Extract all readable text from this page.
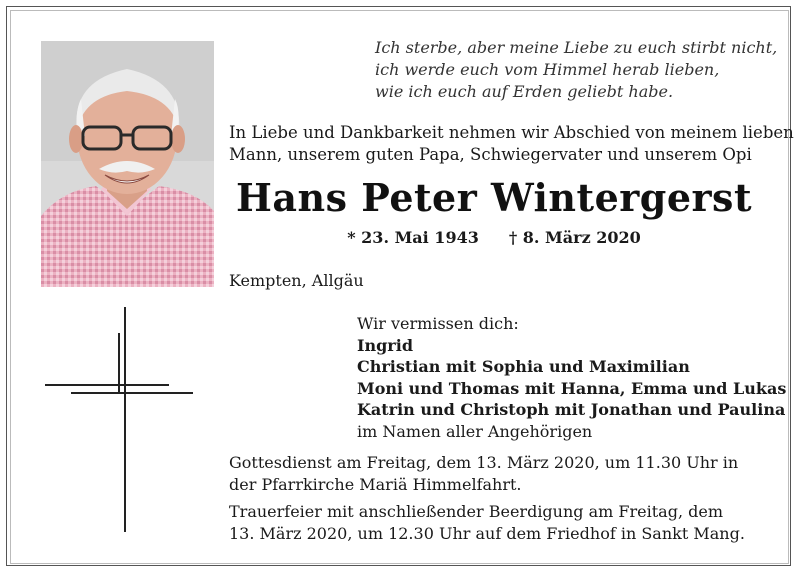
Ich sterbe, aber meine Liebe zu euch stirbt nicht,
ich werde euch vom Himmel herab lieben,
wie ich euch auf Erden geliebt habe.
In Liebe und Dankbarkeit nehmen wir Abschied von meinem lieben
Mann, unserem guten Papa, Schwiegervater und unserem Opi
Hans Peter Wintergerst
* 23. Mai 1943 † 8. März 2020
Kempten, Allgäu
Wir vermissen dich:
Ingrid
Christian mit Sophia und Maximilian
Moni und Thomas mit Hanna, Emma und Lukas
Katrin und Christoph mit Jonathan und Paulina
im Namen aller Angehörigen
Gottesdienst am Freitag, dem 13. März 2020, um 11.30 Uhr in
der Pfarrkirche Mariä Himmelfahrt.
Trauerfeier mit anschließender Beerdigung am Freitag, dem
13. März 2020, um 12.30 Uhr auf dem Friedhof in Sankt Mang.
